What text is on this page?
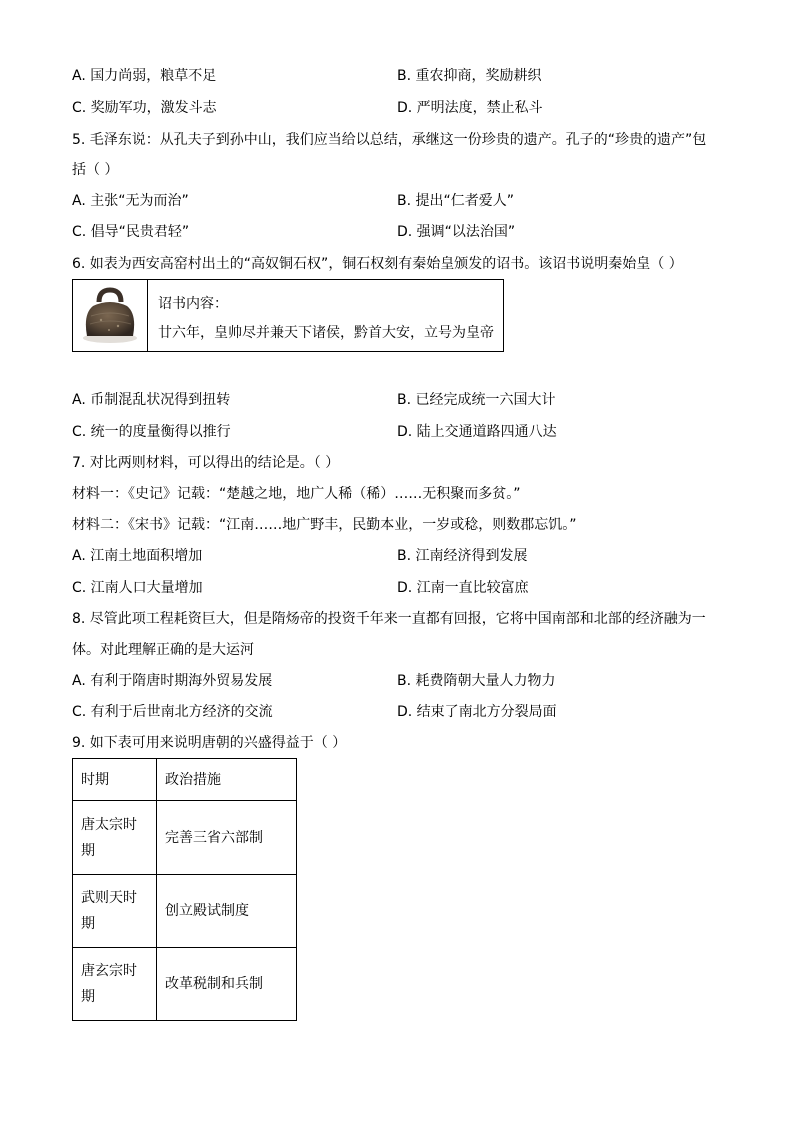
A. 国力尚弱，粮草不足	B. 重农抑商，奖励耕织
C. 奖励军功，激发斗志	D. 严明法度，禁止私斗
5. 毛泽东说：从孔夫子到孙中山，我们应当给以总结，承继这一份珍贵的遗产。孔子的“珍贵的遗产”包
括（ ）
A. 主张“无为而治”	B. 提出“仁者爱人”
C. 倡导“民贵君轻”	D. 强调“以法治国”
6. 如表为西安高窑村出土的“高奴铜石权”，铜石权刻有秦始皇颁发的诏书。该诏书说明秦始皇（ ）
诏书内容：
廿六年，皇帅尽并兼天下诸侯，黔首大安，立号为皇帝
A. 币制混乱状况得到扭转	B. 已经完成统一六国大计
C. 统一的度量衡得以推行	D. 陆上交通道路四通八达
7. 对比两则材料，可以得出的结论是。（ ）
材料一：《史记》记载：“楚越之地，地广人稀（稀）……无积聚而多贫。”
材料二：《宋书》记载：“江南……地广野丰，民勤本业，一岁或稔，则数郡忘饥。”
A. 江南土地面积增加	B. 江南经济得到发展
C. 江南人口大量增加	D. 江南一直比较富庶
8. 尽管此项工程耗资巨大，但是隋炀帝的投资千年来一直都有回报，它将中国南部和北部的经济融为一
体。对此理解正确的是大运河
A. 有利于隋唐时期海外贸易发展	B. 耗费隋朝大量人力物力
C. 有利于后世南北方经济的交流	D. 结束了南北方分裂局面
9. 如下表可用来说明唐朝的兴盛得益于（ ）
时期	政治措施

唐太宗时
期	完善三省六部制

武则天时
期	创立殿试制度

唐玄宗时
期	改革税制和兵制
